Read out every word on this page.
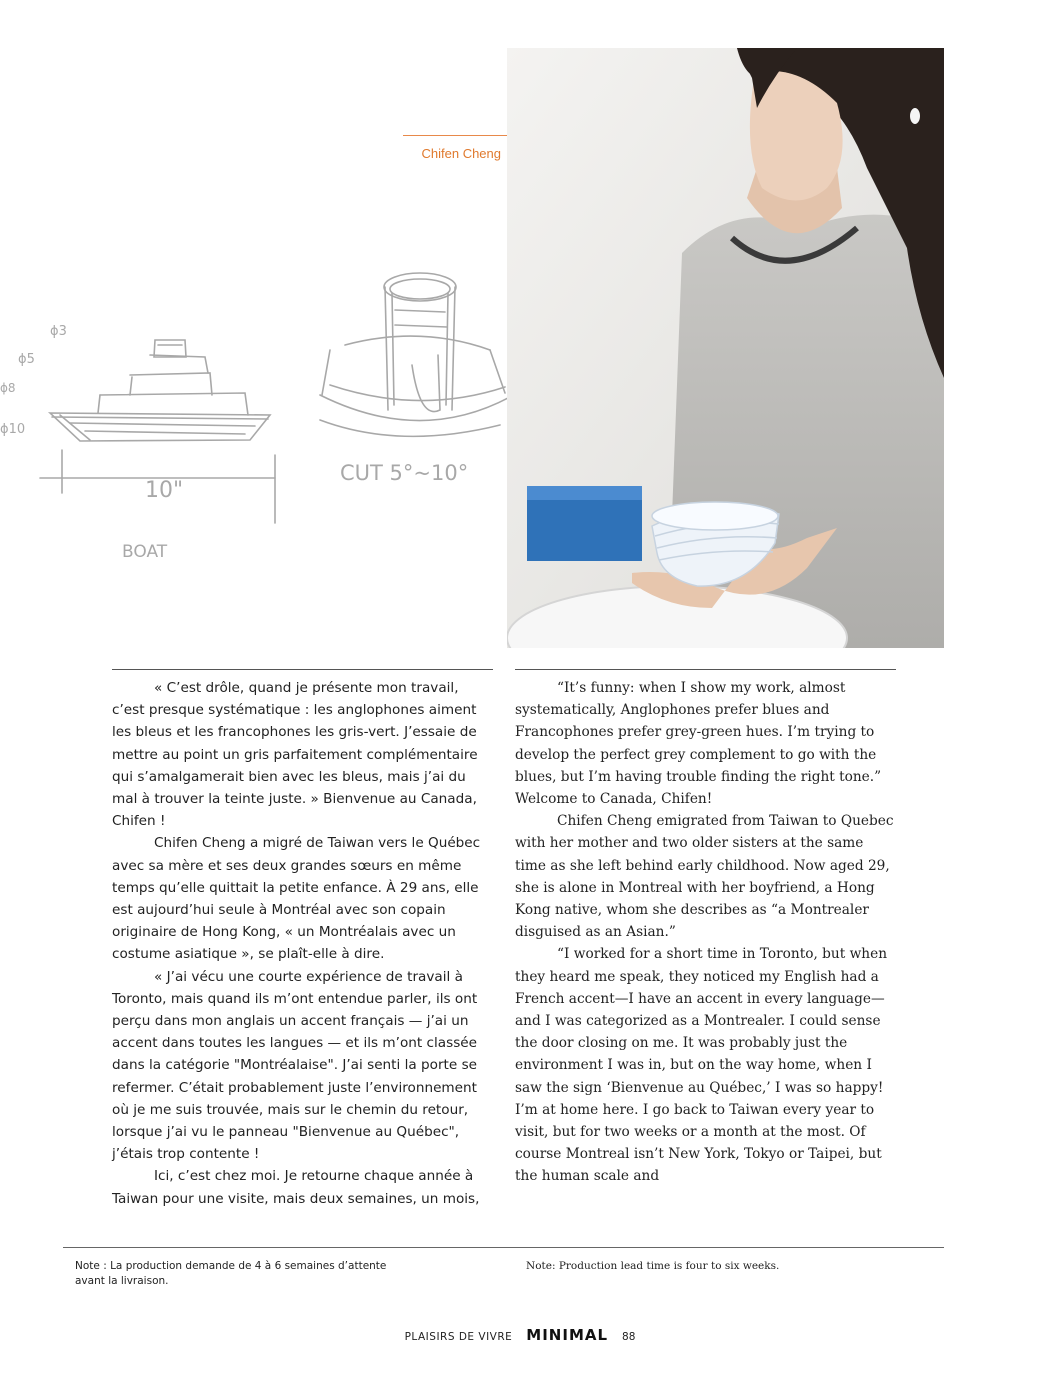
Chifen Cheng
ϕ3
ϕ5
ϕ8
ϕ10
10"
CUT 5°~10°
BOAT

« C’est drôle, quand je présente mon travail, c’est presque systématique : les anglophones aiment les bleus et les francophones les gris-vert. J’essaie de mettre au point un gris parfaitement complémentaire qui s’amalgamerait bien avec les bleus, mais j’ai du mal à trouver la teinte juste. » Bienvenue au Canada, Chifen !

Chifen Cheng a migré de Taiwan vers le Québec avec sa mère et ses deux grandes sœurs en même temps qu’elle quittait la petite enfance. À 29 ans, elle est aujourd’hui seule à Montréal avec son copain originaire de Hong Kong, « un Montréalais avec un costume asiatique », se plaît-elle à dire.

« J’ai vécu une courte expérience de travail à Toronto, mais quand ils m’ont entendue parler, ils ont perçu dans mon anglais un accent français — j’ai un accent dans toutes les langues — et ils m’ont classée dans la catégorie "Montréalaise". J’ai senti la porte se refermer. C’était probablement juste l’environnement où je me suis trouvée, mais sur le chemin du retour, lorsque j’ai vu le panneau "Bienvenue au Québec", j’étais trop contente !

Ici, c’est chez moi. Je retourne chaque année à Taiwan pour une visite, mais deux semaines, un mois,

“It’s funny: when I show my work, almost systematically, Anglophones prefer blues and Francophones prefer grey-green hues. I’m trying to develop the perfect grey complement to go with the blues, but I’m having trouble finding the right tone.” Welcome to Canada, Chifen!

Chifen Cheng emigrated from Taiwan to Quebec with her mother and two older sisters at the same time as she left behind early childhood. Now aged 29, she is alone in Montreal with her boyfriend, a Hong Kong native, whom she describes as “a Montrealer disguised as an Asian.”

“I worked for a short time in Toronto, but when they heard me speak, they noticed my English had a French accent—I have an accent in every language—and I was categorized as a Montrealer. I could sense the door closing on me. It was probably just the environment I was in, but on the way home, when I saw the sign ‘Bienvenue au Québec,’ I was so happy! I’m at home here. I go back to Taiwan every year to visit, but for two weeks or a month at the most. Of course Montreal isn’t New York, Tokyo or Taipei, but the human scale and

Note : La production demande de 4 à 6 semaines d’attente avant la livraison.
Note: Production lead time is four to six weeks.
PLAISIRS DE VIVRE MINIMAL 88
